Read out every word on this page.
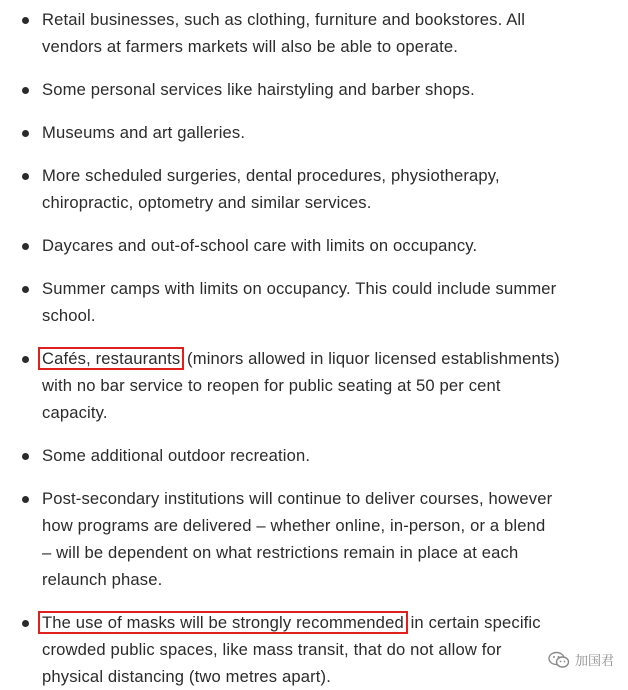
Retail businesses, such as clothing, furniture and bookstores. All
vendors at farmers markets will also be able to operate.
Some personal services like hairstyling and barber shops.
Museums and art galleries.
More scheduled surgeries, dental procedures, physiotherapy,
chiropractic, optometry and similar services.
Daycares and out-of-school care with limits on occupancy.
Summer camps with limits on occupancy. This could include summer
school.
Cafés, restaurants (minors allowed in liquor licensed establishments)
with no bar service to reopen for public seating at 50 per cent
capacity.
Some additional outdoor recreation.
Post-secondary institutions will continue to deliver courses, however
how programs are delivered – whether online, in-person, or a blend
– will be dependent on what restrictions remain in place at each
relaunch phase.
The use of masks will be strongly recommended in certain specific
crowded public spaces, like mass transit, that do not allow for
physical distancing (two metres apart).
加国君
